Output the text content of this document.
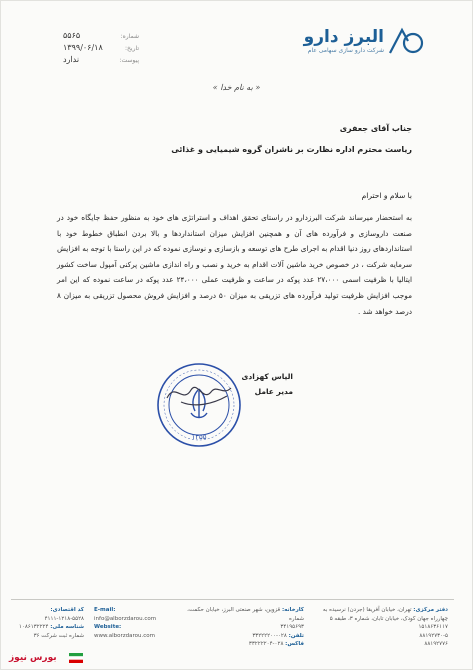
البرز دارو
شرکت دارو سازی سهامی عام
شماره:
۵۵۶۵
تاریخ:
۱۳۹۹/۰۶/۱۸
پیوست:
ندارد
« به نام خدا »
جناب آقای جعفری
ریاست محترم اداره نظارت بر ناشران گروه شیمیایی و غذائی
با سلام و احترام
به استحضار میرساند شرکت البرزدارو در راستای تحقق اهداف و استراتژی های خود به منظور حفظ جایگاه خود در صنعت داروسازی و فرآورده های آن و همچنین افزایش میزان استانداردها و بالا بردن انطباق خطوط خود با استانداردهای روز دنیا اقدام به اجرای طرح های توسعه و بازسازی و نوسازی نموده که در این راستا با توجه به افزایش سرمایه شرکت ، در خصوص خرید ماشین آلات اقدام به خرید و نصب و راه اندازی ماشین پرکنی آمپول ساخت کشور ایتالیا با ظرفیت اسمی ۲۷،۰۰۰ عدد پوکه در ساعت و ظرفیت عملی ۲۴،۰۰۰ عدد پوکه در ساعت نموده که این امر موجب افزایش ظرفیت تولید فرآورده های تزریقی به میزان ۵۰ درصد و افزایش فروش محصول تزریقی به میزان ۸ درصد خواهد شد .
۱۳۵۵
الیاس کهزادی
مدیر عامل
دفتر مرکزی: تهران، خیابان آفریقا (جردن) نرسیده به چهارراه جهان کودک، خیابان تابان، شماره ۳، طبقه ۵
۱۵۱۸۶۳۶۱۱۷
۸۸۱۹۲۷۳۰-۵
۸۸۱۹۲۷۷۶
کارخانه: قزوین، شهر صنعتی البرز، خیابان حکمت، شماره
۳۴۱۹۵۶۹۳
تلفن: ۰۲۸-۳۳۲۲۲۲۰۰
فاکس: ۰۲۸-۳۳۲۲۲۲۰۴
E-mail:
info@alborzdarou.com
Website:
www.alborzdarou.com
کد اقتصادی:
۴۱۱۱-۱۲۱۸-۵۵۲۸
شناسه ملی: ۱۰۸۶۱۳۲۲۲۴
شماره ثبت شرکت ۳۶
بورس نیوز
